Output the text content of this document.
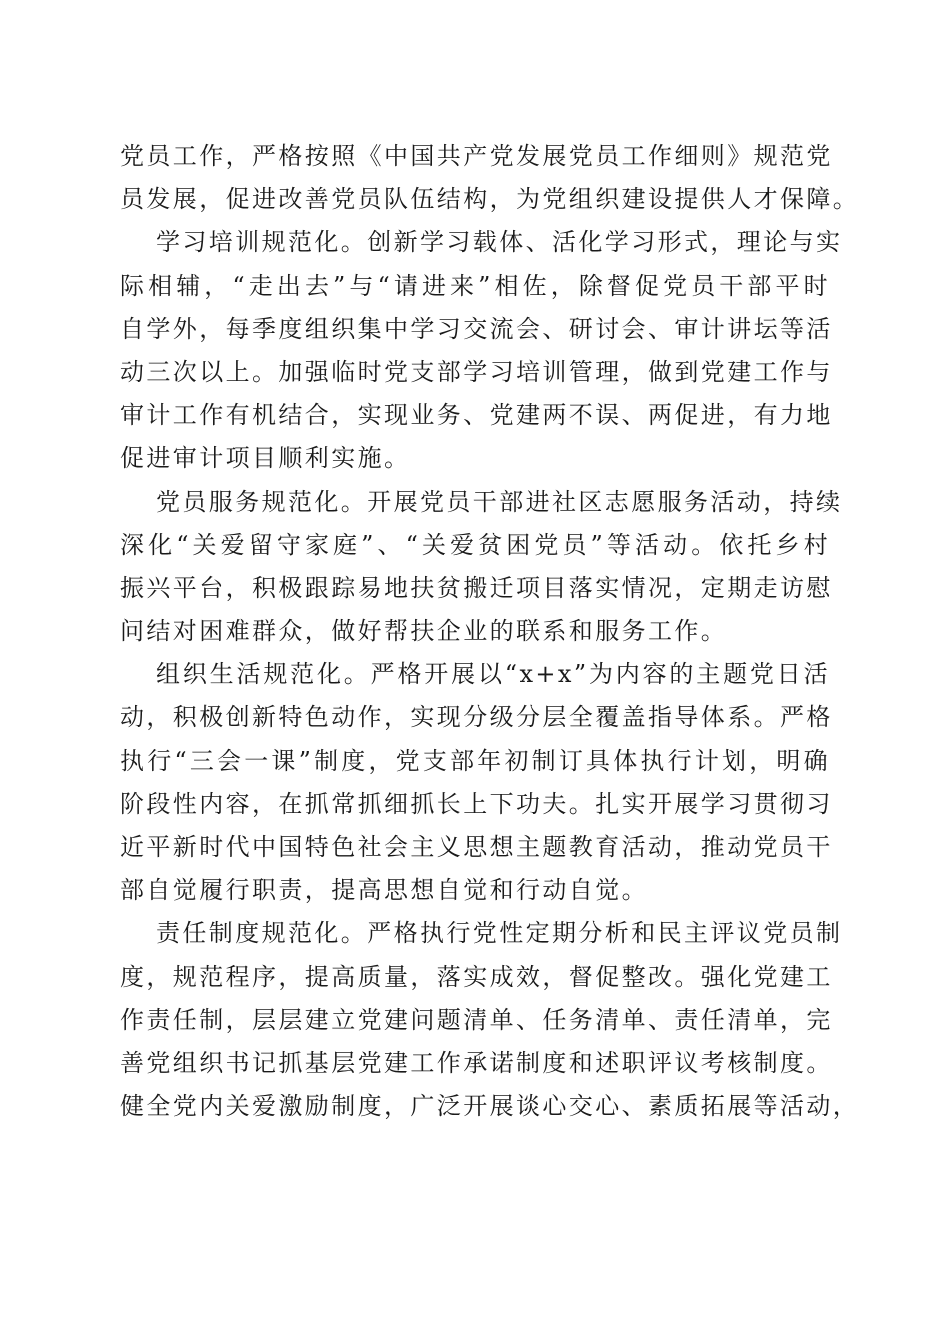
党员工作，严格按照《中国共产党发展党员工作细则》规范党
员发展，促进改善党员队伍结构，为党组织建设提供人才保障。
学习培训规范化。创新学习载体、活化学习形式，理论与实
际相辅，“走出去”与“请进来”相佐，除督促党员干部平时
自学外，每季度组织集中学习交流会、研讨会、审计讲坛等活
动三次以上。加强临时党支部学习培训管理，做到党建工作与
审计工作有机结合，实现业务、党建两不误、两促进，有力地
促进审计项目顺利实施。
党员服务规范化。开展党员干部进社区志愿服务活动，持续
深化“关爱留守家庭”、“关爱贫困党员”等活动。依托乡村
振兴平台，积极跟踪易地扶贫搬迁项目落实情况，定期走访慰
问结对困难群众，做好帮扶企业的联系和服务工作。
组织生活规范化。严格开展以“x+x”为内容的主题党日活
动，积极创新特色动作，实现分级分层全覆盖指导体系。严格
执行“三会一课”制度，党支部年初制订具体执行计划，明确
阶段性内容，在抓常抓细抓长上下功夫。扎实开展学习贯彻习
近平新时代中国特色社会主义思想主题教育活动，推动党员干
部自觉履行职责，提高思想自觉和行动自觉。
责任制度规范化。严格执行党性定期分析和民主评议党员制
度，规范程序，提高质量，落实成效，督促整改。强化党建工
作责任制，层层建立党建问题清单、任务清单、责任清单，完
善党组织书记抓基层党建工作承诺制度和述职评议考核制度。
健全党内关爱激励制度，广泛开展谈心交心、素质拓展等活动，
